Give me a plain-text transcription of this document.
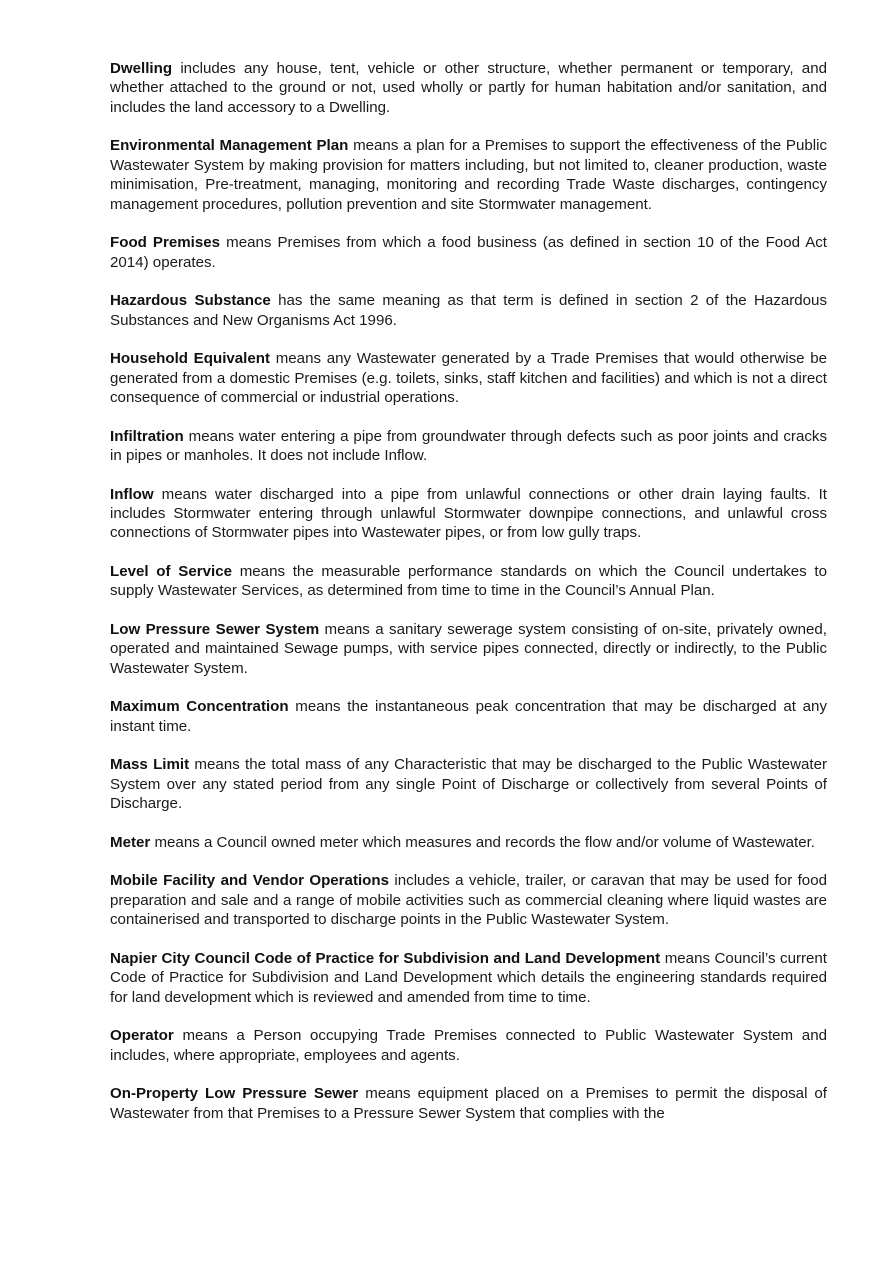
Dwelling includes any house, tent, vehicle or other structure, whether permanent or temporary, and whether attached to the ground or not, used wholly or partly for human habitation and/or sanitation, and includes the land accessory to a Dwelling.

Environmental Management Plan means a plan for a Premises to support the effectiveness of the Public Wastewater System by making provision for matters including, but not limited to, cleaner production, waste minimisation, Pre-treatment, managing, monitoring and recording Trade Waste discharges, contingency management procedures, pollution prevention and site Stormwater management.

Food Premises means Premises from which a food business (as defined in section 10 of the Food Act 2014) operates.

Hazardous Substance has the same meaning as that term is defined in section 2 of the Hazardous Substances and New Organisms Act 1996.

Household Equivalent means any Wastewater generated by a Trade Premises that would otherwise be generated from a domestic Premises (e.g. toilets, sinks, staff kitchen and facilities) and which is not a direct consequence of commercial or industrial operations.

Infiltration means water entering a pipe from groundwater through defects such as poor joints and cracks in pipes or manholes. It does not include Inflow.

Inflow means water discharged into a pipe from unlawful connections or other drain laying faults. It includes Stormwater entering through unlawful Stormwater downpipe connections, and unlawful cross connections of Stormwater pipes into Wastewater pipes, or from low gully traps.

Level of Service means the measurable performance standards on which the Council undertakes to supply Wastewater Services, as determined from time to time in the Council’s Annual Plan.

Low Pressure Sewer System means a sanitary sewerage system consisting of on-site, privately owned, operated and maintained Sewage pumps, with service pipes connected, directly or indirectly, to the Public Wastewater System.

Maximum Concentration means the instantaneous peak concentration that may be discharged at any instant time.

Mass Limit means the total mass of any Characteristic that may be discharged to the Public Wastewater System over any stated period from any single Point of Discharge or collectively from several Points of Discharge.

Meter means a Council owned meter which measures and records the flow and/or volume of Wastewater.

Mobile Facility and Vendor Operations includes a vehicle, trailer, or caravan that may be used for food preparation and sale and a range of mobile activities such as commercial cleaning where liquid wastes are containerised and transported to discharge points in the Public Wastewater System.

Napier City Council Code of Practice for Subdivision and Land Development means Council’s current Code of Practice for Subdivision and Land Development which details the engineering standards required for land development which is reviewed and amended from time to time.

Operator means a Person occupying Trade Premises connected to Public Wastewater System and includes, where appropriate, employees and agents.

On-Property Low Pressure Sewer means equipment placed on a Premises to permit the disposal of Wastewater from that Premises to a Pressure Sewer System that complies with the
